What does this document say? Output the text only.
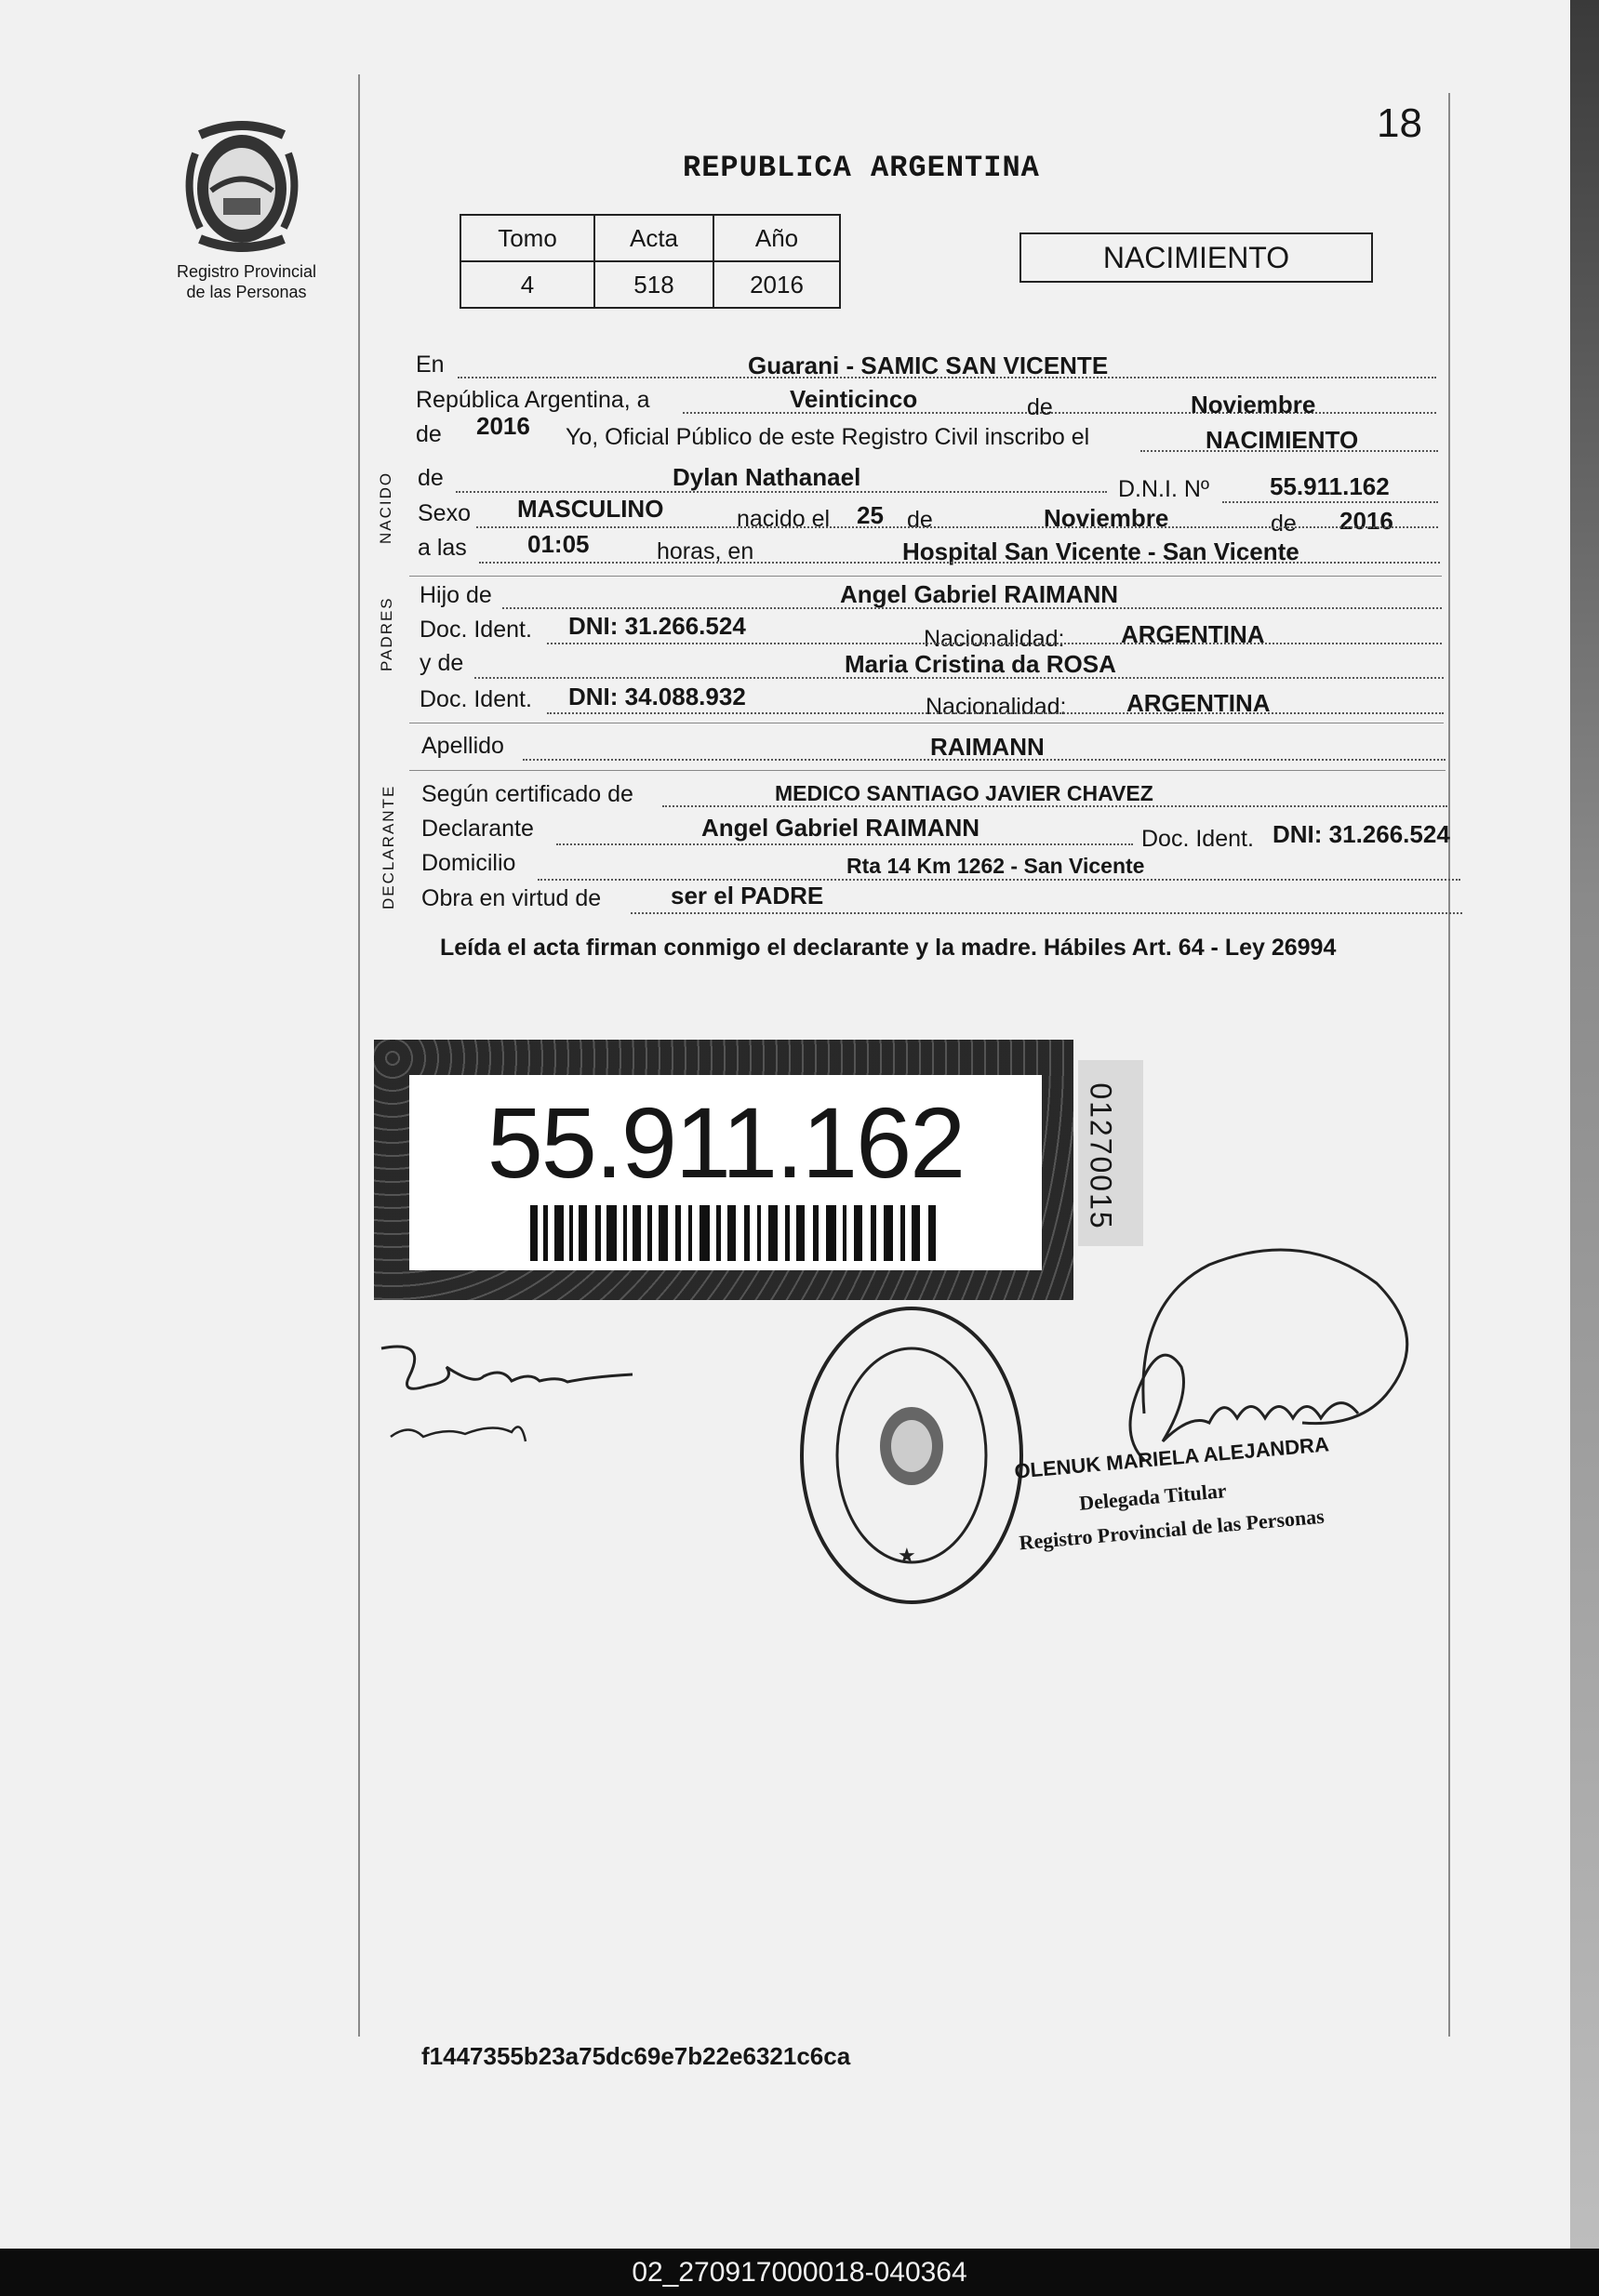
18
Registro Provincial
de las Personas
REPUBLICA ARGENTINA
Tomo	Acta	Año
4	518	2016
NACIMIENTO
En	Guarani - SAMIC SAN VICENTE
República Argentina, a	Veinticinco	de	Noviembre
de 2016 Yo, Oficial Público de este Registro Civil inscribo el	NACIMIENTO
NACIDO de	Dylan Nathanael	D.N.I. Nº 55.911.162
Sexo MASCULINO	nacido el 25 de	Noviembre	de 2016
a las	01:05	horas, en	Hospital San Vicente - San Vicente
PADRES
Hijo de	Angel Gabriel RAIMANN
Doc. Ident. DNI: 31.266.524	Nacionalidad: ARGENTINA
y de	Maria Cristina da ROSA
Doc. Ident. DNI: 34.088.932	Nacionalidad: ARGENTINA
Apellido	RAIMANN
DECLARANTE Según certificado de	MEDICO SANTIAGO JAVIER CHAVEZ
Declarante	Angel Gabriel RAIMANN	Doc. Ident. DNI: 31.266.524
Domicilio	Rta 14 Km 1262 - San Vicente
Obra en virtud de	ser el PADRE
Leída el acta firman conmigo el declarante y la madre. Hábiles Art. 64 - Ley 26994
55.911.162	01270015
★
OLENUK MARIELA ALEJANDRA
Delegada Titular
Registro Provincial de las Personas
f1447355b23a75dc69e7b22e6321c6ca
02_270917000018-040364
